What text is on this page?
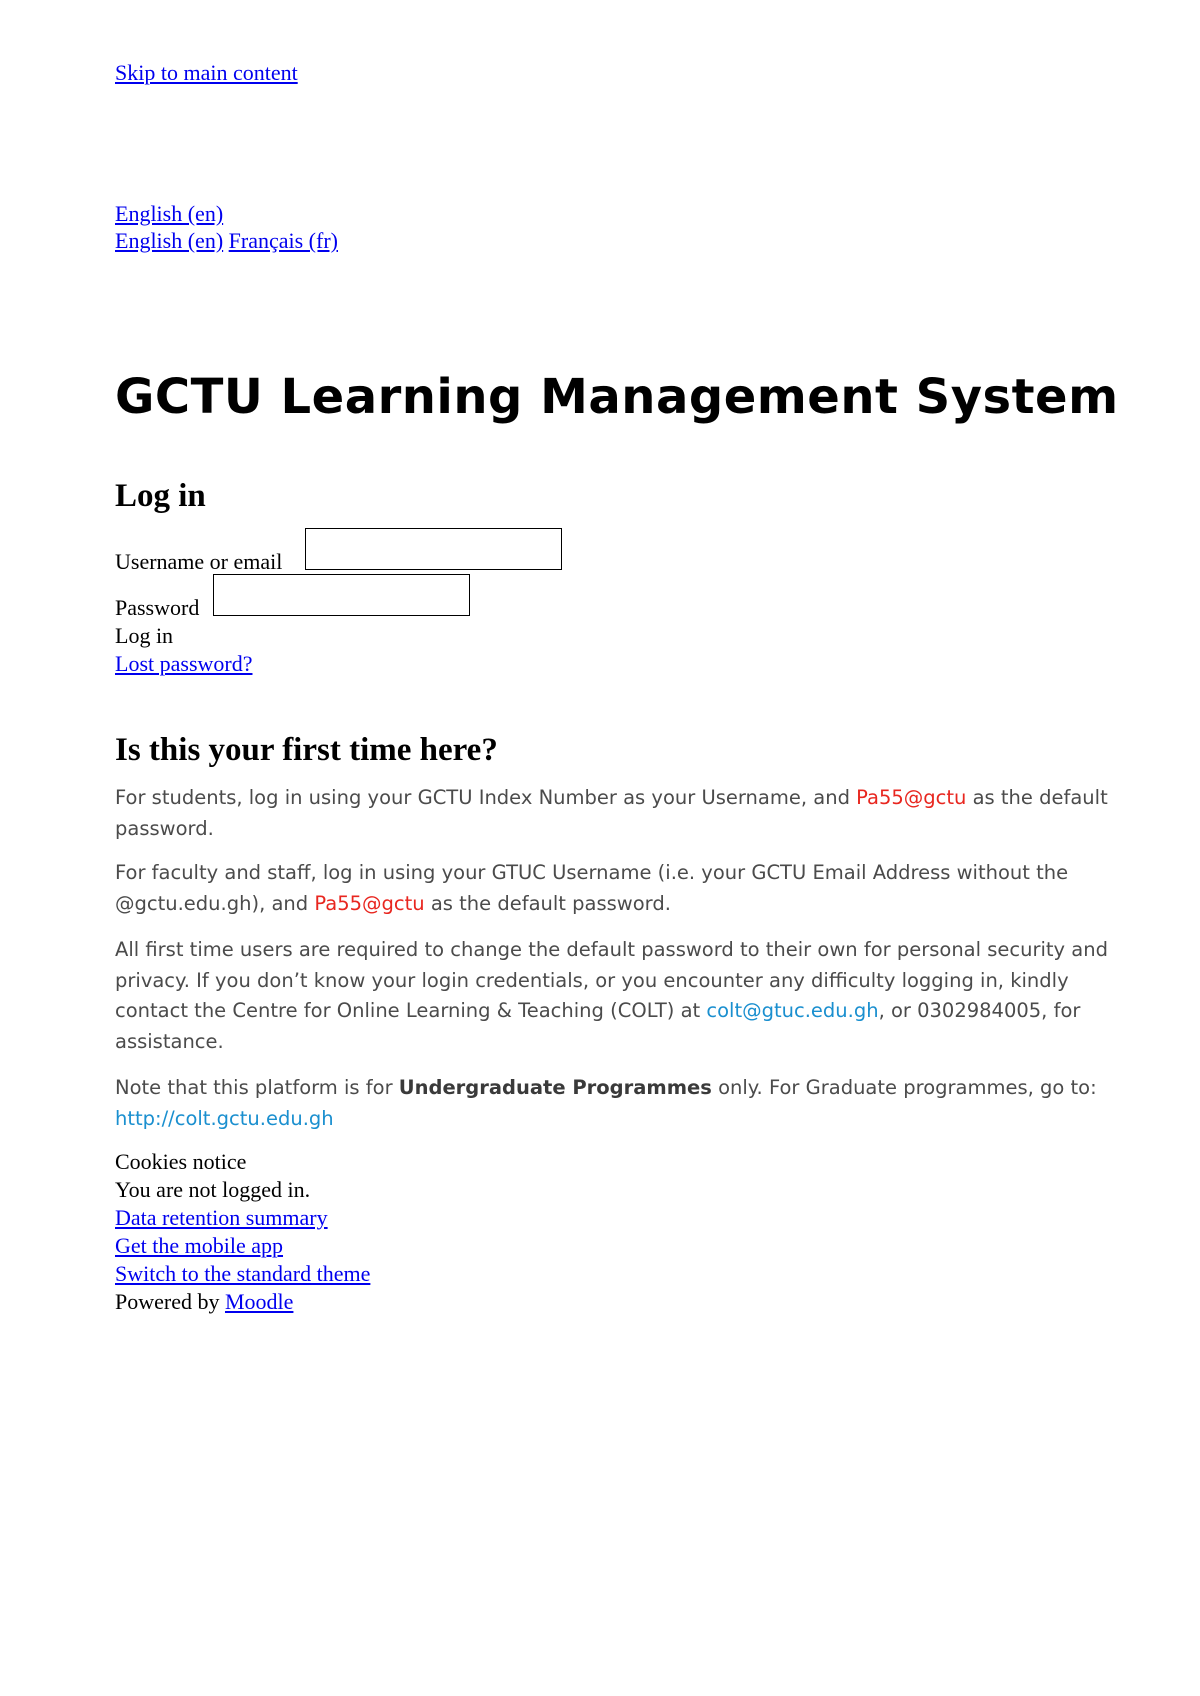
Skip to main content
English (en)
English (en) Français (fr)
GCTU Learning Management System
Log in
Username or email
Password
Log in
Lost password?
Is this your first time here?

For students, log in using your GCTU Index Number as your Username, and Pa55@gctu as the default password.

For faculty and staff, log in using your GTUC Username (i.e. your GCTU Email Address without the @gctu.edu.gh), and Pa55@gctu as the default password.

All first time users are required to change the default password to their own for personal security and privacy. If you don’t know your login credentials, or you encounter any difficulty logging in, kindly contact the Centre for Online Learning & Teaching (COLT) at colt@gtuc.edu.gh, or 0302984005, for assistance.

Note that this platform is for Undergraduate Programmes only. For Graduate programmes, go to: http://colt.gctu.edu.gh

Cookies notice
You are not logged in.
Data retention summary
Get the mobile app
Switch to the standard theme
Powered by Moodle
